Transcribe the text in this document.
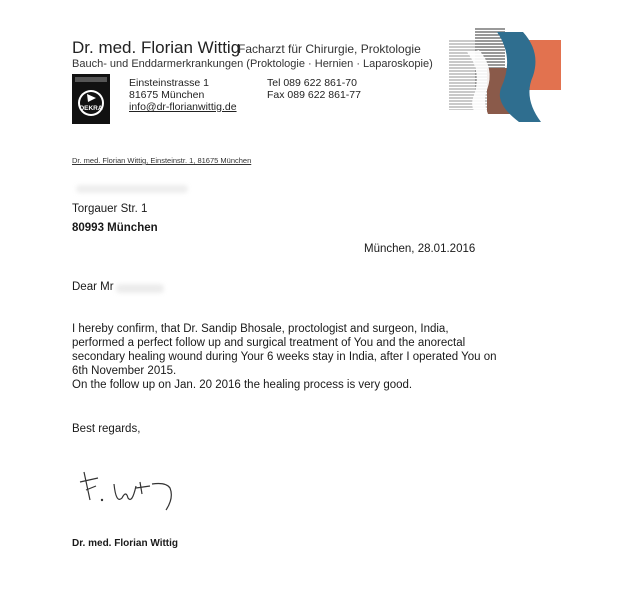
Dr. med. Florian Wittig
Facharzt für Chirurgie, Proktologie
Bauch- und Enddarmerkrankungen (Proktologie · Hernien · Laparoskopie)
DEKRA
Einsteinstrasse 1
81675 München
info@dr-florianwittig.de
Tel 089 622 861-70
Fax 089 622 861-77
Dr. med. Florian Wittig, Einsteinstr. 1, 81675 München
Torgauer Str. 1
80993 München
München, 28.01.2016
Dear Mr
I hereby confirm, that Dr. Sandip Bhosale, proctologist and surgeon, India,
performed a perfect follow up and surgical treatment of You and the anorectal
secondary healing wound during Your 6 weeks stay in India, after I operated You on
6th November 2015.
On the follow up on Jan. 20 2016 the healing process is very good.
Best regards,
Dr. med. Florian Wittig
